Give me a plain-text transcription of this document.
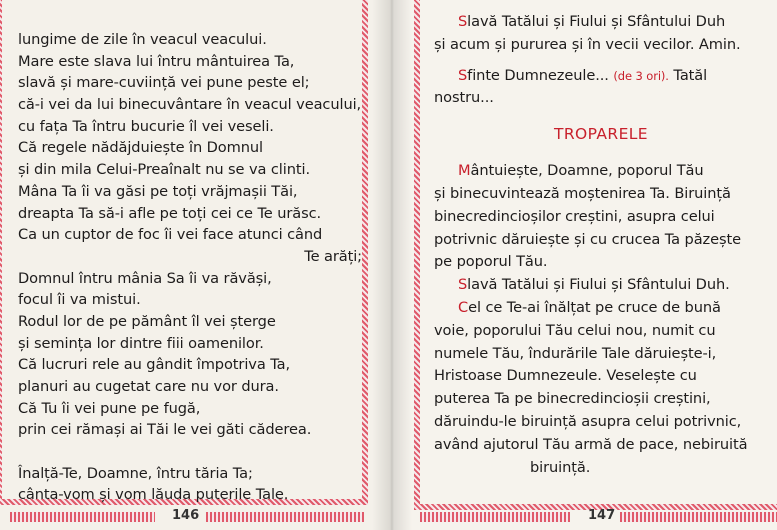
146	147
lungime de zile în veacul veacului.
Mare este slava lui întru mântuirea Ta,
slavă și mare-cuviință vei pune peste el;
că-i vei da lui binecuvântare în veacul veacului,
cu fața Ta întru bucurie îl vei veseli.
Că regele nădăjduiește în Domnul
și din mila Celui-Preaînalt nu se va clinti.
Mâna Ta îi va găsi pe toți vrăjmașii Tăi,
dreapta Ta să-i afle pe toți cei ce Te urăsc.
Ca un cuptor de foc îi vei face atunci când
Te arăți;
Domnul întru mânia Sa îi va răvăși,
focul îi va mistui.
Rodul lor de pe pământ îl vei șterge
și semința lor dintre fiii oamenilor.
Că lucruri rele au gândit împotriva Ta,
planuri au cugetat care nu vor dura.
Că Tu îi vei pune pe fugă,
prin cei rămași ai Tăi le vei găti căderea.
Înalță-Te, Doamne, întru tăria Ta;
cânta-vom și vom lăuda puterile Tale.
Slavă Tatălui și Fiului și Sfântului Duh
și acum și pururea și în vecii vecilor. Amin.
Sfinte Dumnezeule... (de 3 ori). Tatăl
nostru...
TROPARELE
Mântuiește, Doamne, poporul Tău
și binecuvintează moștenirea Ta. Biruință
binecredincioșilor creștini, asupra celui
potrivnic dăruiește și cu crucea Ta păzește
pe poporul Tău.
Slavă Tatălui și Fiului și Sfântului Duh.
Cel ce Te-ai înălțat pe cruce de bună
voie, poporului Tău celui nou, numit cu
numele Tău, îndurările Tale dăruiește-i,
Hristoase Dumnezeule. Veselește cu
puterea Ta pe binecredincioșii creștini,
dăruindu-le biruință asupra celui potrivnic,
având ajutorul Tău armă de pace, nebiruită
biruință.
